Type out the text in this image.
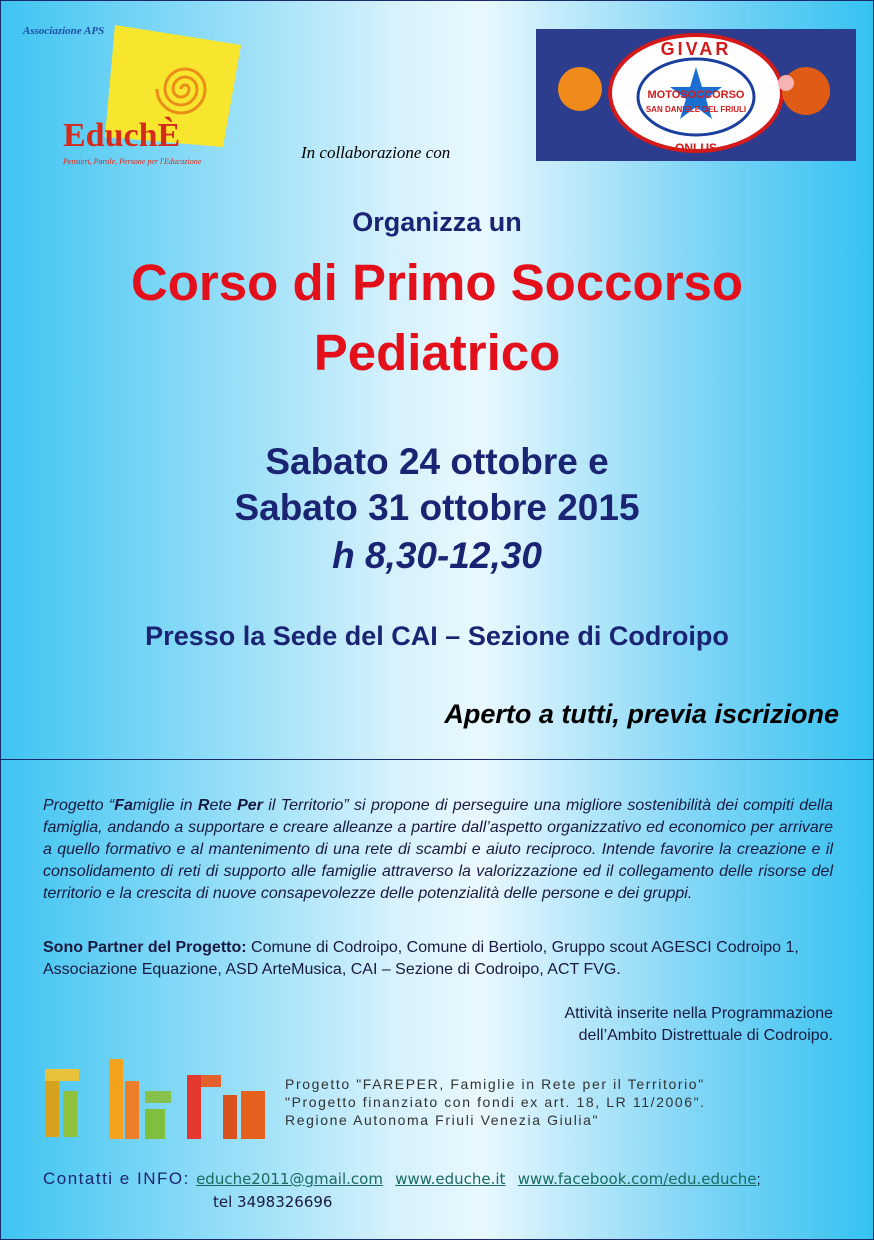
Associazione APS
EduchÈ
Pensieri, Parole, Persone per l'Educazione	In collaborazione con
GIVAR
MOTOSOCCORSO
SAN DANIELE DEL FRIULI
ONLUS
Organizza un
Corso di Primo Soccorso
Pediatrico
Sabato 24 ottobre e
Sabato 31 ottobre 2015
h 8,30-12,30
Presso la Sede del CAI – Sezione di Codroipo
Aperto a tutti, previa iscrizione
Progetto “Famiglie in Rete Per il Territorio” si propone di perseguire una migliore sostenibilità dei compiti della famiglia, andando a supportare e creare alleanze a partire dall’aspetto organizzativo ed economico per arrivare a quello formativo e al mantenimento di una rete di scambi e aiuto reciproco. Intende favorire la creazione e il consolidamento di reti di supporto alle famiglie attraverso la valorizzazione ed il collegamento delle risorse del territorio e la crescita di nuove consapevolezze delle potenzialità delle persone e dei gruppi.
Sono Partner del Progetto: Comune di Codroipo, Comune di Bertiolo, Gruppo scout AGESCI Codroipo 1, Associazione Equazione, ASD ArteMusica, CAI – Sezione di Codroipo, ACT FVG.
Attività inserite nella Programmazione
dell’Ambito Distrettuale di Codroipo.
Progetto "FAREPER, Famiglie in Rete per il Territorio"
"Progetto finanziato con fondi ex art. 18, LR 11/2006".
Regione Autonoma Friuli Venezia Giulia"
Contatti e INFO: eduche2011@gmail.com www.eduche.it www.facebook.com/edu.eduche;
tel 3498326696
